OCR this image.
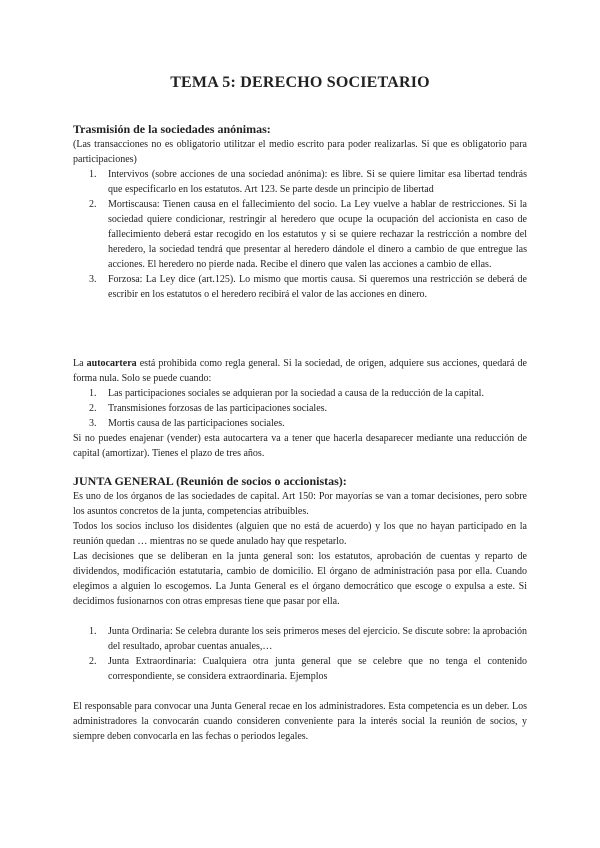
TEMA 5: DERECHO SOCIETARIO
Trasmisión de la sociedades anónimas:

(Las transacciones no es obligatorio utilitzar el medio escrito para poder realizarlas. Si que es obligatorio para participaciones)

1. Intervivos (sobre acciones de una sociedad anónima): es libre. Si se quiere limitar esa libertad tendrás que especificarlo en los estatutos. Art 123. Se parte desde un principio de libertad
2. Mortiscausa: Tienen causa en el fallecimiento del socio. La Ley vuelve a hablar de restricciones. Si la sociedad quiere condicionar, restringir al heredero que ocupe la ocupación del accionista en caso de fallecimiento deberá estar recogido en los estatutos y si se quiere rechazar la restricción a nombre del heredero, la sociedad tendrá que presentar al heredero dándole el dinero a cambio de que entregue las acciones. El heredero no pierde nada. Recibe el dinero que valen las acciones a cambio de ellas.
3. Forzosa: La Ley dice (art.125). Lo mismo que mortis causa. Si queremos una restricción se deberá de escribir en los estatutos o el heredero recibirá el valor de las acciones en dinero.

La autocartera está prohibida como regla general. Si la sociedad, de origen, adquiere sus acciones, quedará de forma nula. Solo se puede cuando:

1. Las participaciones sociales se adquieran por la sociedad a causa de la reducción de la capital.
2. Transmisiones forzosas de las participaciones sociales.
3. Mortis causa de las participaciones sociales.

Si no puedes enajenar (vender) esta autocartera va a tener que hacerla desaparecer mediante una reducción de capital (amortizar). Tienes el plazo de tres años.

JUNTA GENERAL (Reunión de socios o accionistas):

Es uno de los órganos de las sociedades de capital. Art 150: Por mayorías se van a tomar decisiones, pero sobre los asuntos concretos de la junta, competencias atribuibles.

Todos los socios incluso los disidentes (alguien que no está de acuerdo) y los que no hayan participado en la reunión quedan … mientras no se quede anulado hay que respetarlo.

Las decisiones que se deliberan en la junta general son: los estatutos, aprobación de cuentas y reparto de dividendos, modificación estatutaria, cambio de domicilio. El órgano de administración pasa por ella. Cuando elegimos a alguien lo escogemos. La Junta General es el órgano democrático que escoge o expulsa a este. Si decidimos fusionarnos con otras empresas tiene que pasar por ella.

1. Junta Ordinaria: Se celebra durante los seis primeros meses del ejercicio. Se discute sobre: la aprobación del resultado, aprobar cuentas anuales,…
2. Junta Extraordinaria: Cualquiera otra junta general que se celebre que no tenga el contenido correspondiente, se considera extraordinaria. Ejemplos

El responsable para convocar una Junta General recae en los administradores. Esta competencia es un deber. Los administradores la convocarán cuando consideren conveniente para la interés social la reunión de socios, y siempre deben convocarla en las fechas o periodos legales.
